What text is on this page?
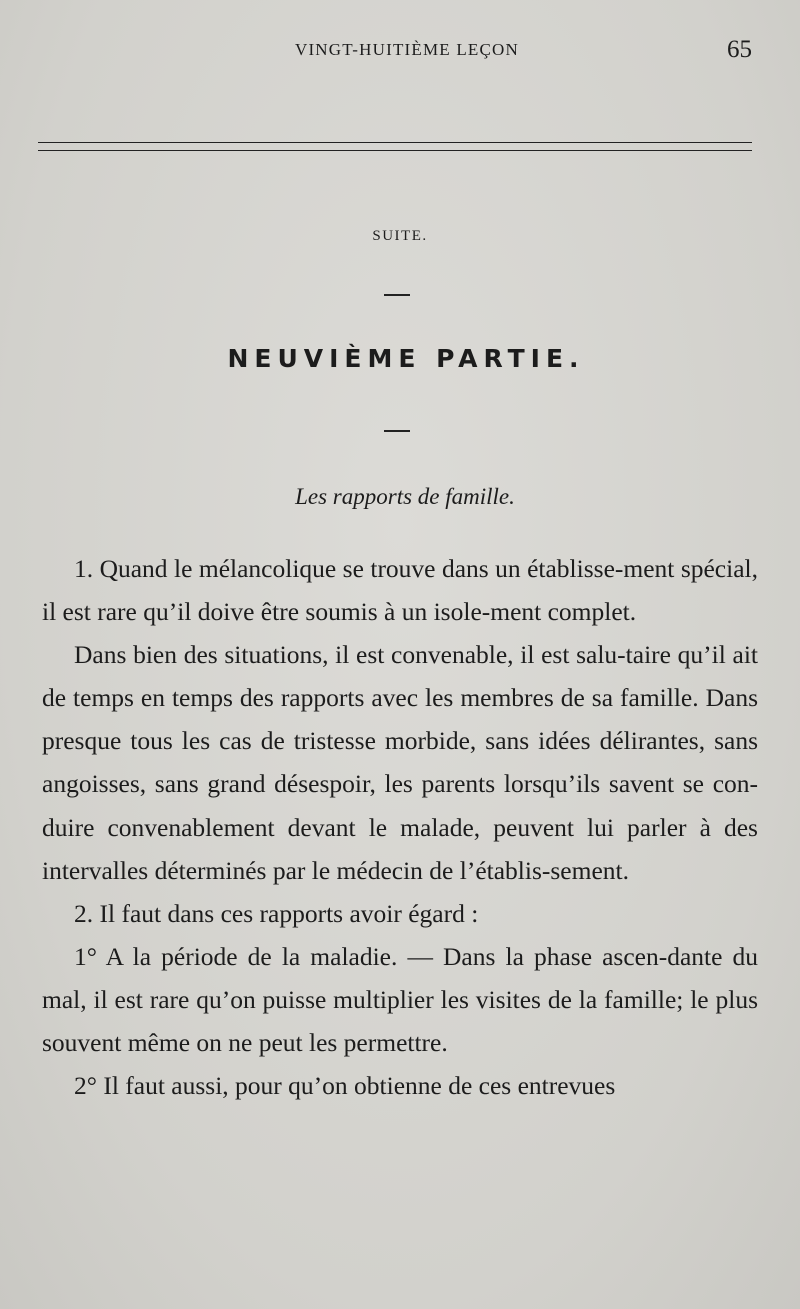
VINGT-HUITIÈME LEÇON	65
SUITE.
NEUVIÈME PARTIE.
Les rapports de famille.

1. Quand le mélancolique se trouve dans un établisse-ment spécial, il est rare qu’il doive être soumis à un isole-ment complet.

Dans bien des situations, il est convenable, il est salu-taire qu’il ait de temps en temps des rapports avec les membres de sa famille. Dans presque tous les cas de tristesse morbide, sans idées délirantes, sans angoisses, sans grand désespoir, les parents lorsqu’ils savent se con-duire convenablement devant le malade, peuvent lui parler à des intervalles déterminés par le médecin de l’établis-sement.

2. Il faut dans ces rapports avoir égard :

1° A la période de la maladie. — Dans la phase ascen-dante du mal, il est rare qu’on puisse multiplier les visites de la famille; le plus souvent même on ne peut les permettre.

2° Il faut aussi, pour qu’on obtienne de ces entrevues
